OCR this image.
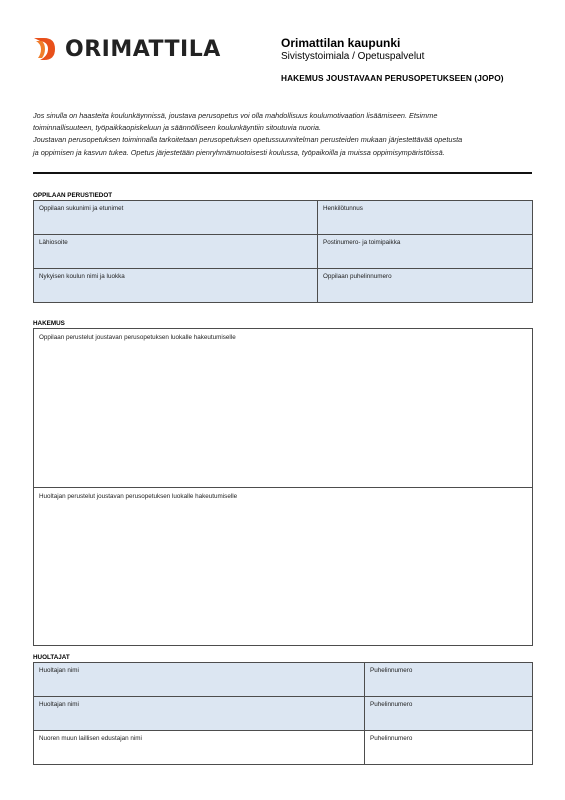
ORIMATTILA	Orimattilan kaupunki
Sivistystoimiala / Opetuspalvelut
HAKEMUS JOUSTAVAAN PERUSOPETUKSEEN (JOPO)
Jos sinulla on haasteita koulunkäynnissä, joustava perusopetus voi olla mahdollisuus koulumotivaation lisäämiseen. Etsimme
toiminnallisuuteen, työpaikkaopiskeluun ja säännölliseen koulunkäyntiin sitoutuvia nuoria.
Joustavan perusopetuksen toiminnalla tarkoitetaan perusopetuksen opetussuunnitelman perusteiden mukaan järjestettävää opetusta
ja oppimisen ja kasvun tukea. Opetus järjestetään pienryhmämuotoisesti koulussa, työpaikoilla ja muissa oppimisympäristöissä.
OPPILAAN PERUSTIEDOT
Oppilaan sukunimi ja etunimet	Henkilötunnus
Lähiosoite	Postinumero- ja toimipaikka
Nykyisen koulun nimi ja luokka	Oppilaan puhelinnumero
HAKEMUS
Oppilaan perustelut joustavan perusopetuksen luokalle hakeutumiselle
Huoltajan perustelut joustavan perusopetuksen luokalle hakeutumiselle
HUOLTAJAT
Huoltajan nimi	Puhelinnumero
Huoltajan nimi	Puhelinnumero
Nuoren muun laillisen edustajan nimi	Puhelinnumero
